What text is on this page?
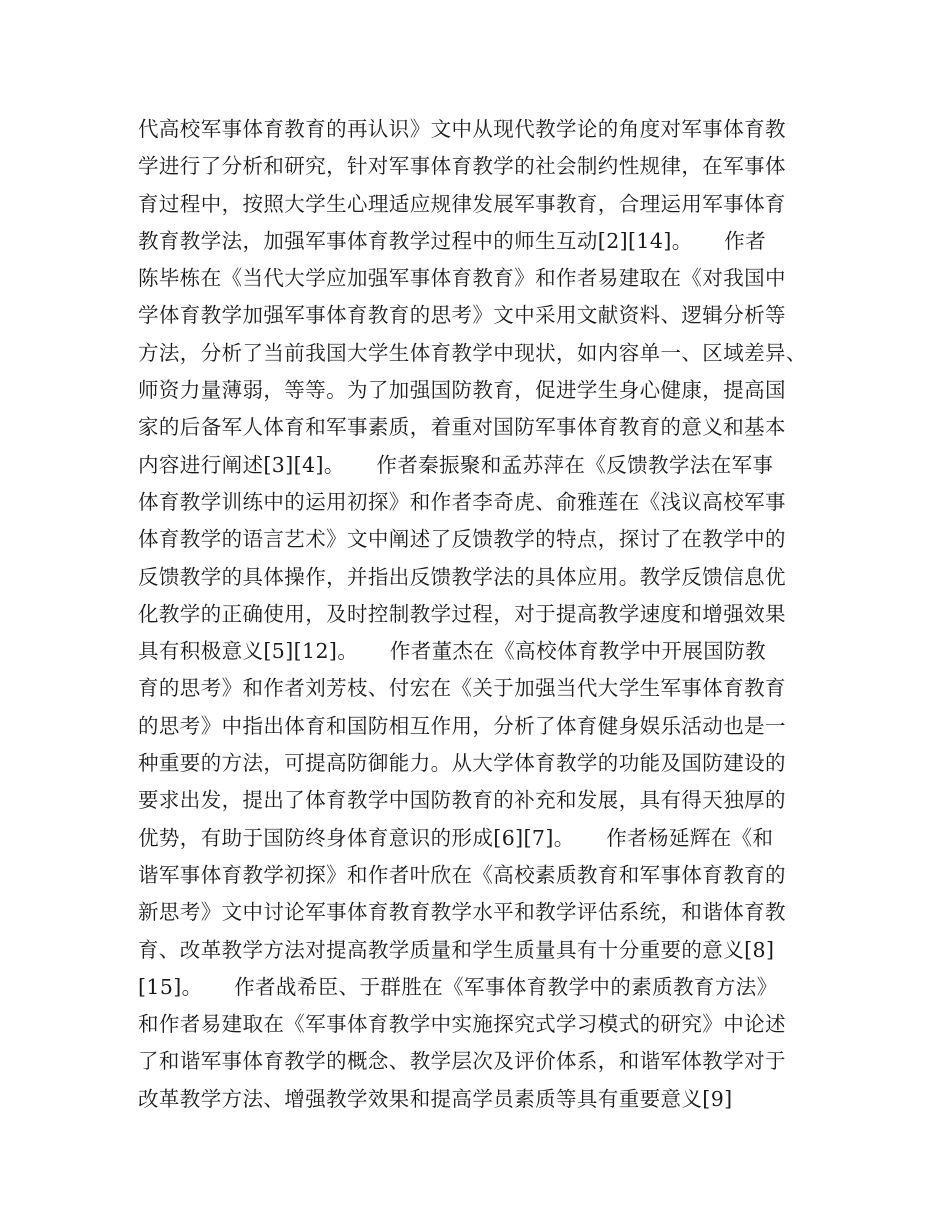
代高校军事体育教育的再认识》文中从现代教学论的角度对军事体育教
学进行了分析和研究，针对军事体育教学的社会制约性规律，在军事体
育过程中，按照大学生心理适应规律发展军事教育，合理运用军事体育
教育教学法，加强军事体育教学过程中的师生互动[2][14]。　　作者
陈毕栋在《当代大学应加强军事体育教育》和作者易建取在《对我国中
学体育教学加强军事体育教育的思考》文中采用文献资料、逻辑分析等
方法，分析了当前我国大学生体育教学中现状，如内容单一、区域差异、
师资力量薄弱，等等。为了加强国防教育，促进学生身心健康，提高国
家的后备军人体育和军事素质，着重对国防军事体育教育的意义和基本
内容进行阐述[3][4]。　　作者秦振聚和孟苏萍在《反馈教学法在军事
体育教学训练中的运用初探》和作者李奇虎、俞雅莲在《浅议高校军事
体育教学的语言艺术》文中阐述了反馈教学的特点，探讨了在教学中的
反馈教学的具体操作，并指出反馈教学法的具体应用。教学反馈信息优
化教学的正确使用，及时控制教学过程，对于提高教学速度和增强效果
具有积极意义[5][12]。　　作者董杰在《高校体育教学中开展国防教
育的思考》和作者刘芳枝、付宏在《关于加强当代大学生军事体育教育
的思考》中指出体育和国防相互作用，分析了体育健身娱乐活动也是一
种重要的方法，可提高防御能力。从大学体育教学的功能及国防建设的
要求出发，提出了体育教学中国防教育的补充和发展，具有得天独厚的
优势，有助于国防终身体育意识的形成[6][7]。　　作者杨延辉在《和
谐军事体育教学初探》和作者叶欣在《高校素质教育和军事体育教育的
新思考》文中讨论军事体育教育教学水平和教学评估系统，和谐体育教
育、改革教学方法对提高教学质量和学生质量具有十分重要的意义[8]
[15]。　　作者战希臣、于群胜在《军事体育教学中的素质教育方法》
和作者易建取在《军事体育教学中实施探究式学习模式的研究》中论述
了和谐军事体育教学的概念、教学层次及评价体系，和谐军体教学对于
改革教学方法、增强教学效果和提高学员素质等具有重要意义[9]
